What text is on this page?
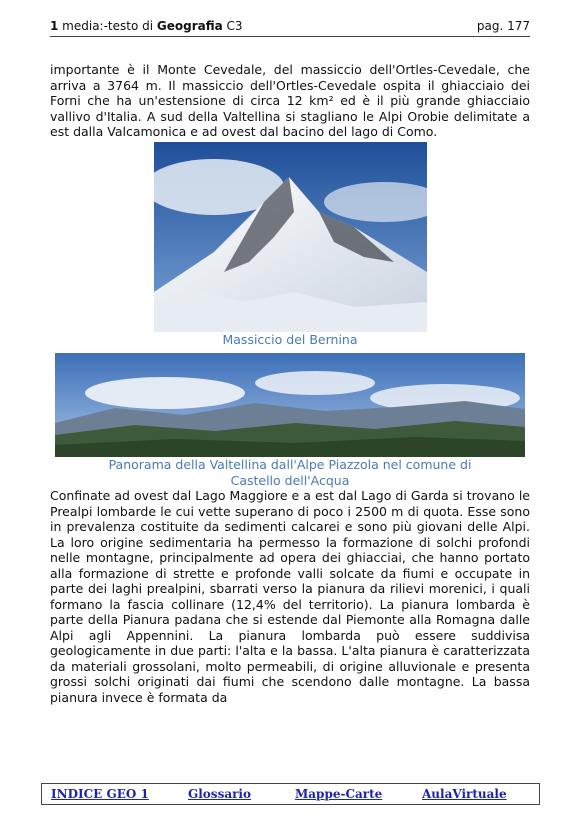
1 media:-testo di Geografia C3	pag. 177

importante è il Monte Cevedale, del massiccio dell'Ortles-Cevedale, che arriva a 3764 m. Il massiccio dell'Ortles-Cevedale ospita il ghiacciaio dei Forni che ha un'estensione di circa 12 km² ed è il più grande ghiacciaio vallivo d'Italia. A sud della Valtellina si stagliano le Alpi Orobie delimitate a est dalla Valcamonica e ad ovest dal bacino del lago di Como.

Massiccio del Bernina

Panorama della Valtellina dall'Alpe Piazzola nel comune di

Castello dell'Acqua

Confinate ad ovest dal Lago Maggiore e a est dal Lago di Garda si trovano le Prealpi lombarde le cui vette superano di poco i 2500 m di quota. Esse sono in prevalenza costituite da sedimenti calcarei e sono più giovani delle Alpi. La loro origine sedimentaria ha permesso la formazione di solchi profondi nelle montagne, principalmente ad opera dei ghiacciai, che hanno portato alla formazione di strette e profonde valli solcate da fiumi e occupate in parte dei laghi prealpini, sbarrati verso la pianura da rilievi morenici, i quali formano la fascia collinare (12,4% del territorio). La pianura lombarda è parte della Pianura padana che si estende dal Piemonte alla Romagna dalle Alpi agli Appennini. La pianura lombarda può essere suddivisa geologicamente in due parti: l'alta e la bassa. L'alta pianura è caratterizzata da materiali grossolani, molto permeabili, di origine alluvionale e presenta grossi solchi originati dai fiumi che scendono dalle montagne. La bassa pianura invece è formata da

INDICE GEO 1	Glossario	Mappe-Carte	AulaVirtuale
